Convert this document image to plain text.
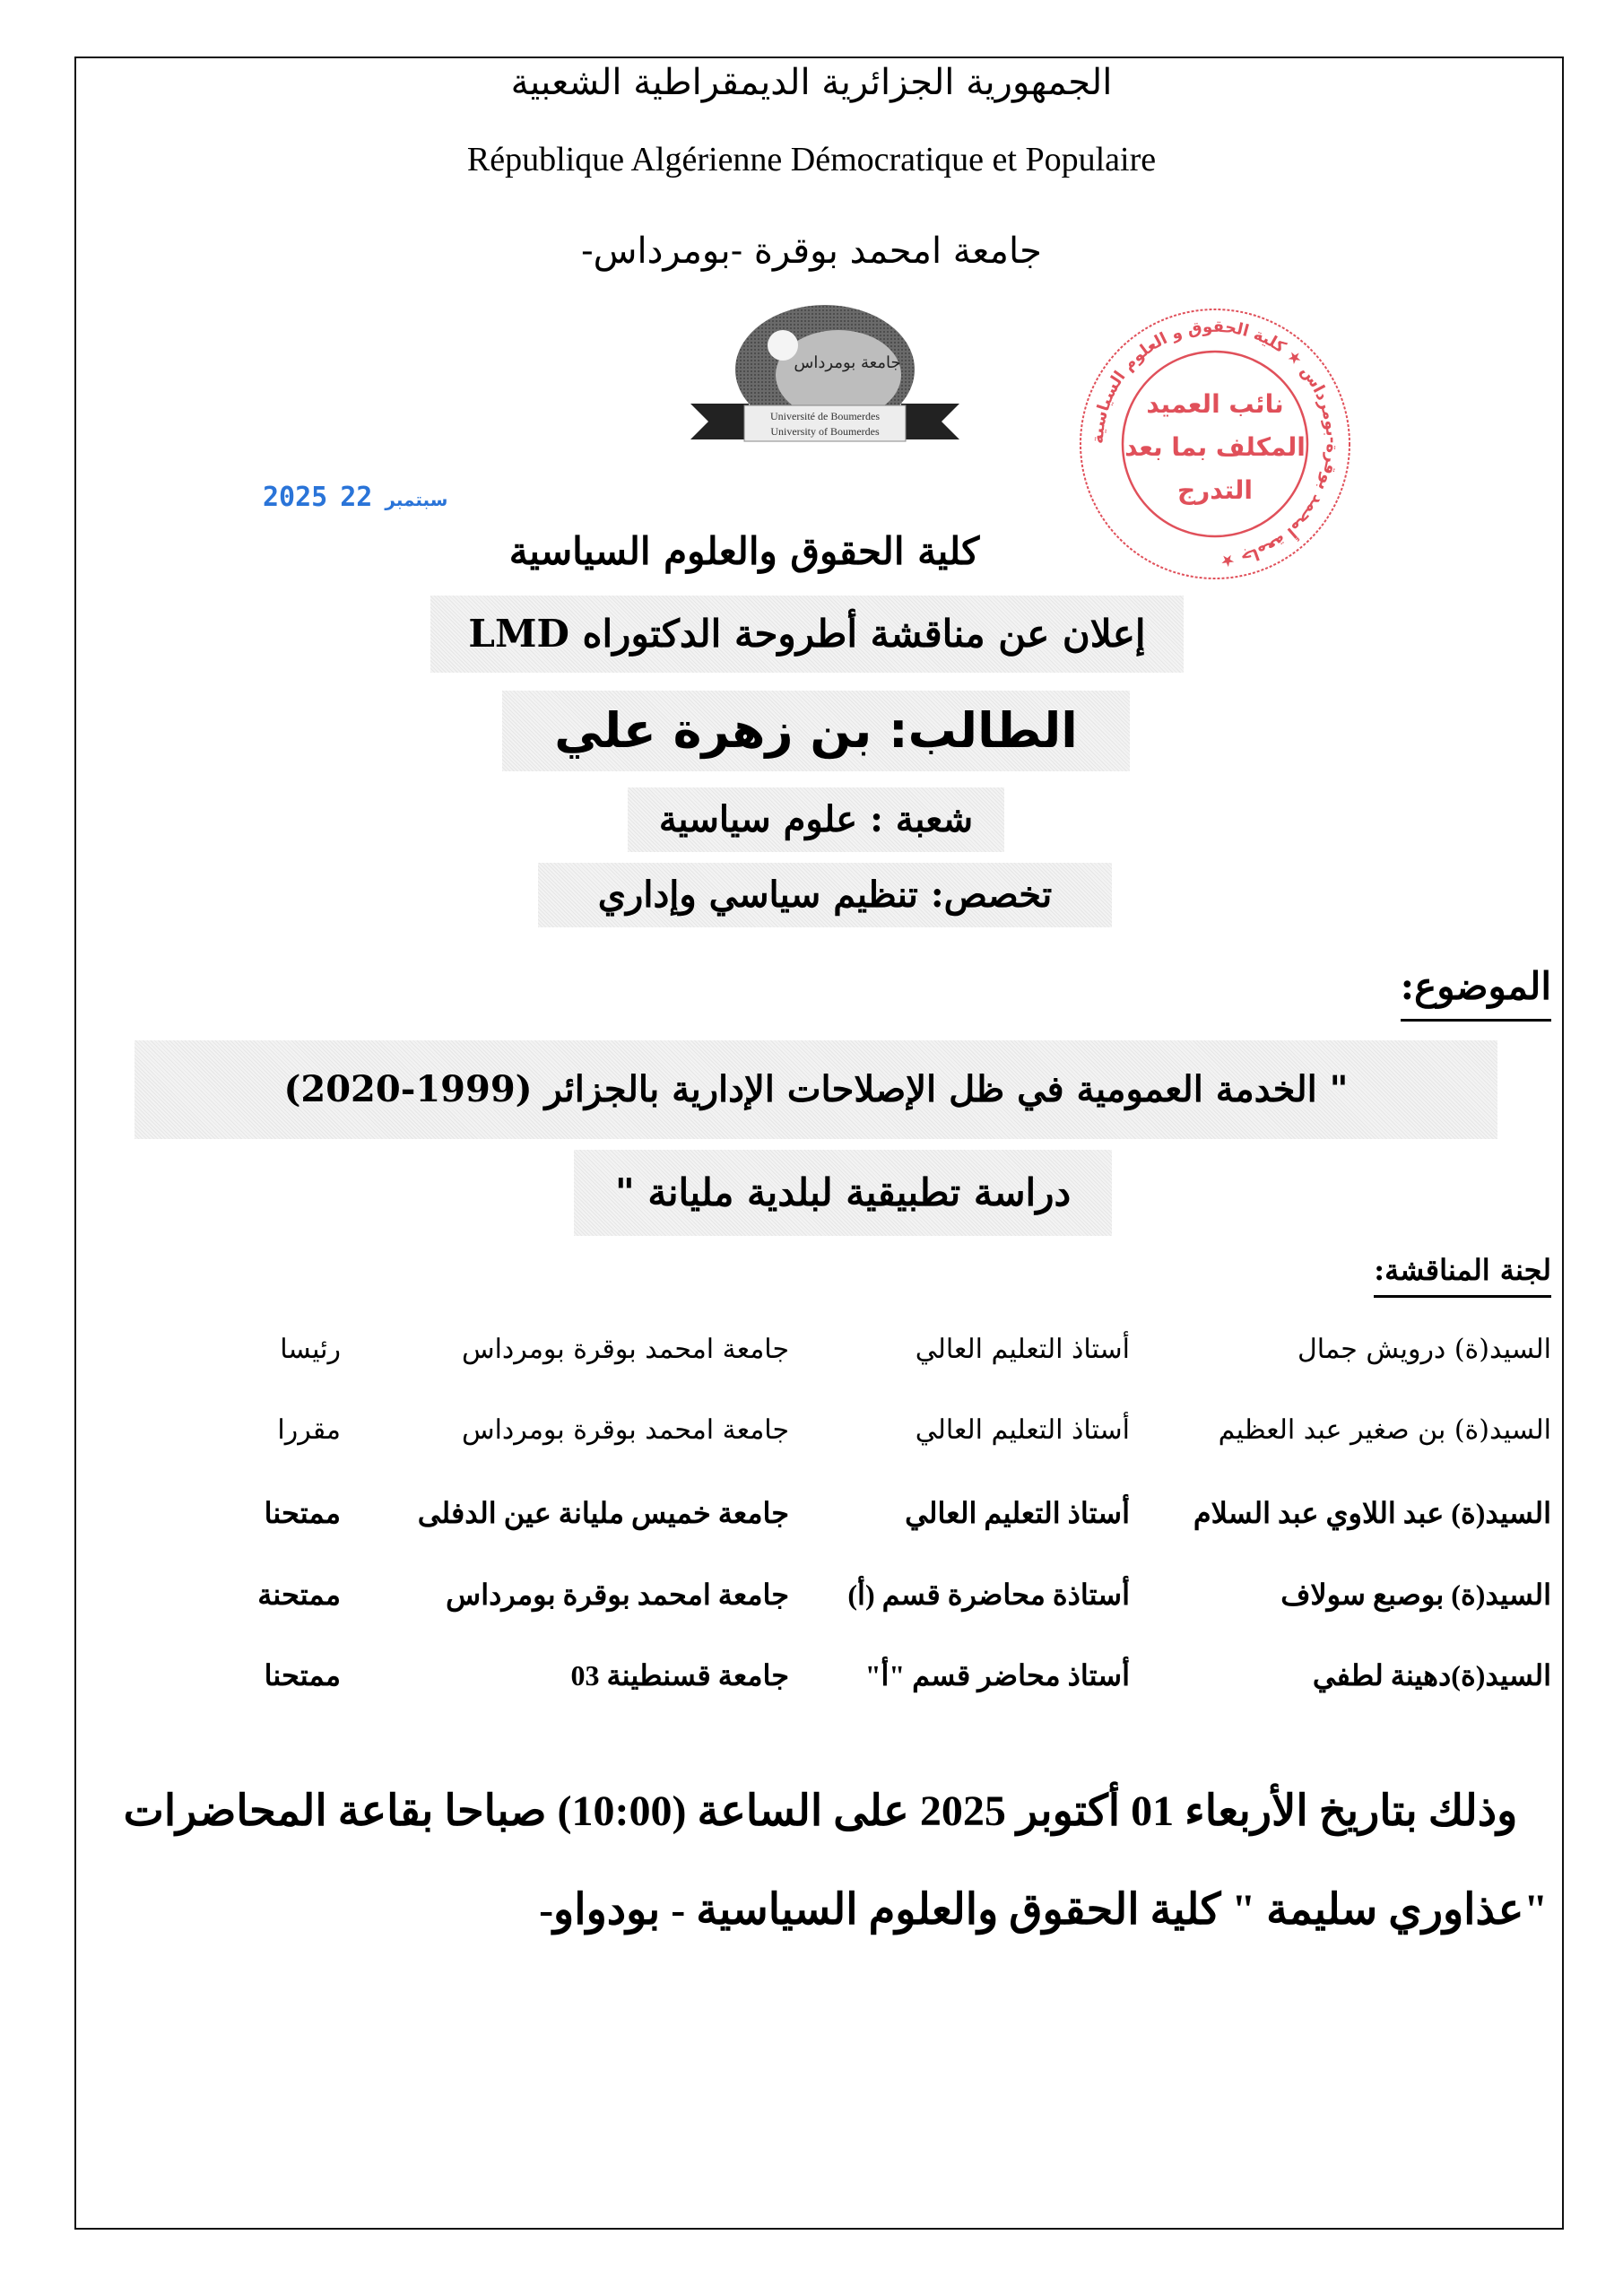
الجمهورية الجزائرية الديمقراطية الشعبية
République Algérienne Démocratique et Populaire
جامعة امحمد بوقرة -بومرداس-
جامعة بومرداس
Université de Boumerdes
University of Boumerdes
2025	سبتمبر22
جامعة أمحمد بوقرة-بومرداس ★ كلية الحقوق و العلوم السياسية ★
نائب العميد
المكلف بما بعد
التدرج
كلية الحقوق والعلوم السياسية
إعلان عن مناقشة أطروحة الدكتوراه LMD
الطالب: بن زهرة علي
شعبة : علوم سياسية
تخصص: تنظيم سياسي وإداري
الموضوع:
" الخدمة العمومية في ظل الإصلاحات الإدارية بالجزائر (1999-2020)
دراسة تطبيقية لبلدية مليانة "
لجنة المناقشة:
السيد(ة) درويش جمال
أستاذ التعليم العالي
جامعة امحمد بوقرة بومرداس
رئيسا
السيد(ة) بن صغير عبد العظيم
أستاذ التعليم العالي
جامعة امحمد بوقرة بومرداس
مقررا
السيد(ة) عبد اللاوي عبد السلام
أستاذ التعليم العالي
جامعة خميس مليانة عين الدفلى
ممتحنا
السيد(ة) بوصبع سولاف
أستاذة محاضرة قسم (أ)
جامعة امحمد بوقرة بومرداس
ممتحنة
السيد(ة)دهينة لطفي
أستاذ محاضر قسم "أ"
جامعة قسنطينة 03
ممتحنا
وذلك بتاريخ الأربعاء 01 أكتوبر 2025 على الساعة (10:00) صباحا بقاعة المحاضرات
"عذاوري سليمة " كلية الحقوق والعلوم السياسية - بودواو-
